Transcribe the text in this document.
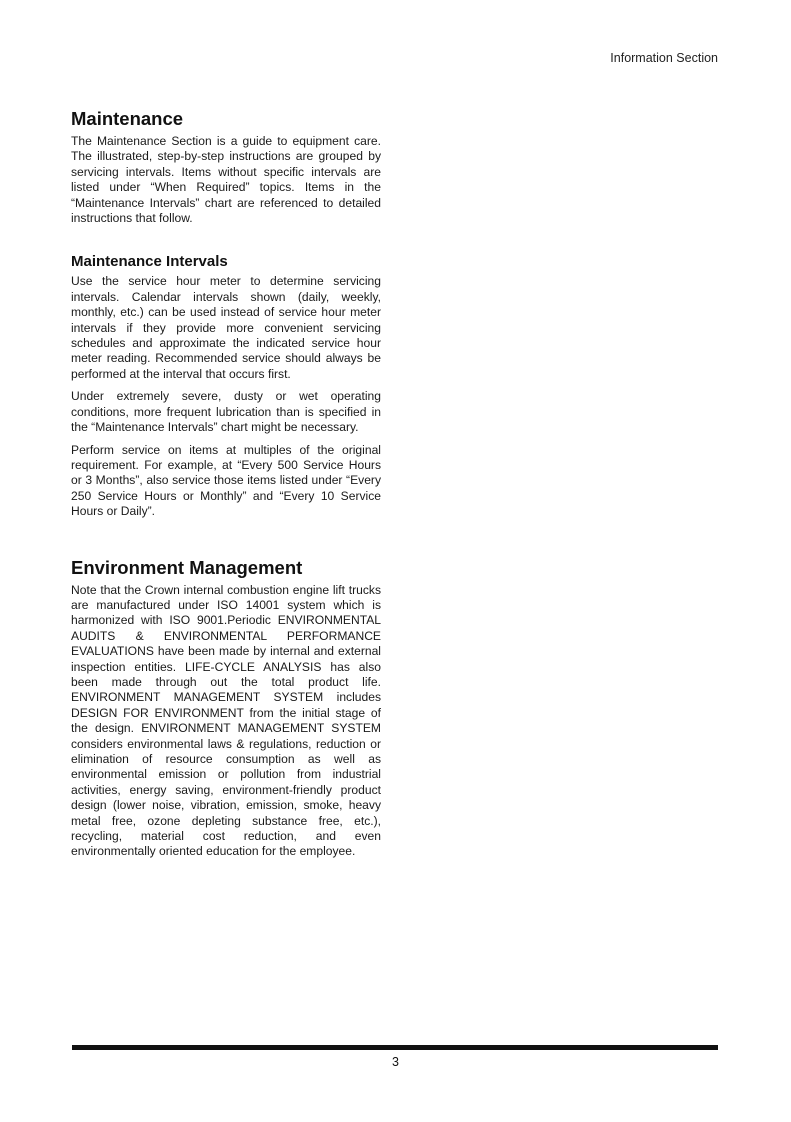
Information Section
Maintenance

The Maintenance Section is a guide to equipment care. The illustrated, step-by-step instructions are grouped by servicing intervals. Items without specific intervals are listed under “When Required” topics. Items in the “Maintenance Intervals” chart are referenced to detailed instructions that follow.

Maintenance Intervals

Use the service hour meter to determine servicing intervals. Calendar intervals shown (daily, weekly, monthly, etc.) can be used instead of service hour meter intervals if they provide more convenient servicing schedules and approximate the indicated service hour meter reading. Recommended service should always be performed at the interval that occurs first.

Under extremely severe, dusty or wet operating conditions, more frequent lubrication than is specified in the “Maintenance Intervals” chart might be necessary.

Perform service on items at multiples of the original requirement. For example, at “Every 500 Service Hours or 3 Months”, also service those items listed under “Every 250 Service Hours or Monthly” and “Every 10 Service Hours or Daily”.

Environment Management

Note that the Crown internal combustion engine lift trucks are manufactured under ISO 14001 system which is harmonized with ISO 9001.Periodic ENVIRONMENTAL AUDITS & ENVIRONMENTAL PERFORMANCE EVALUATIONS have been made by internal and external inspection entities. LIFE-CYCLE ANALYSIS has also been made through out the total product life. ENVIRONMENT MANAGEMENT SYSTEM includes DESIGN FOR ENVIRONMENT from the initial stage of the design. ENVIRONMENT MANAGEMENT SYSTEM considers environmental laws & regulations, reduction or elimination of resource consumption as well as environmental emission or pollution from industrial activities, energy saving, environment-friendly product design (lower noise, vibration, emission, smoke, heavy metal free, ozone depleting substance free, etc.), recycling, material cost reduction, and even environmentally oriented education for the employee.

3
